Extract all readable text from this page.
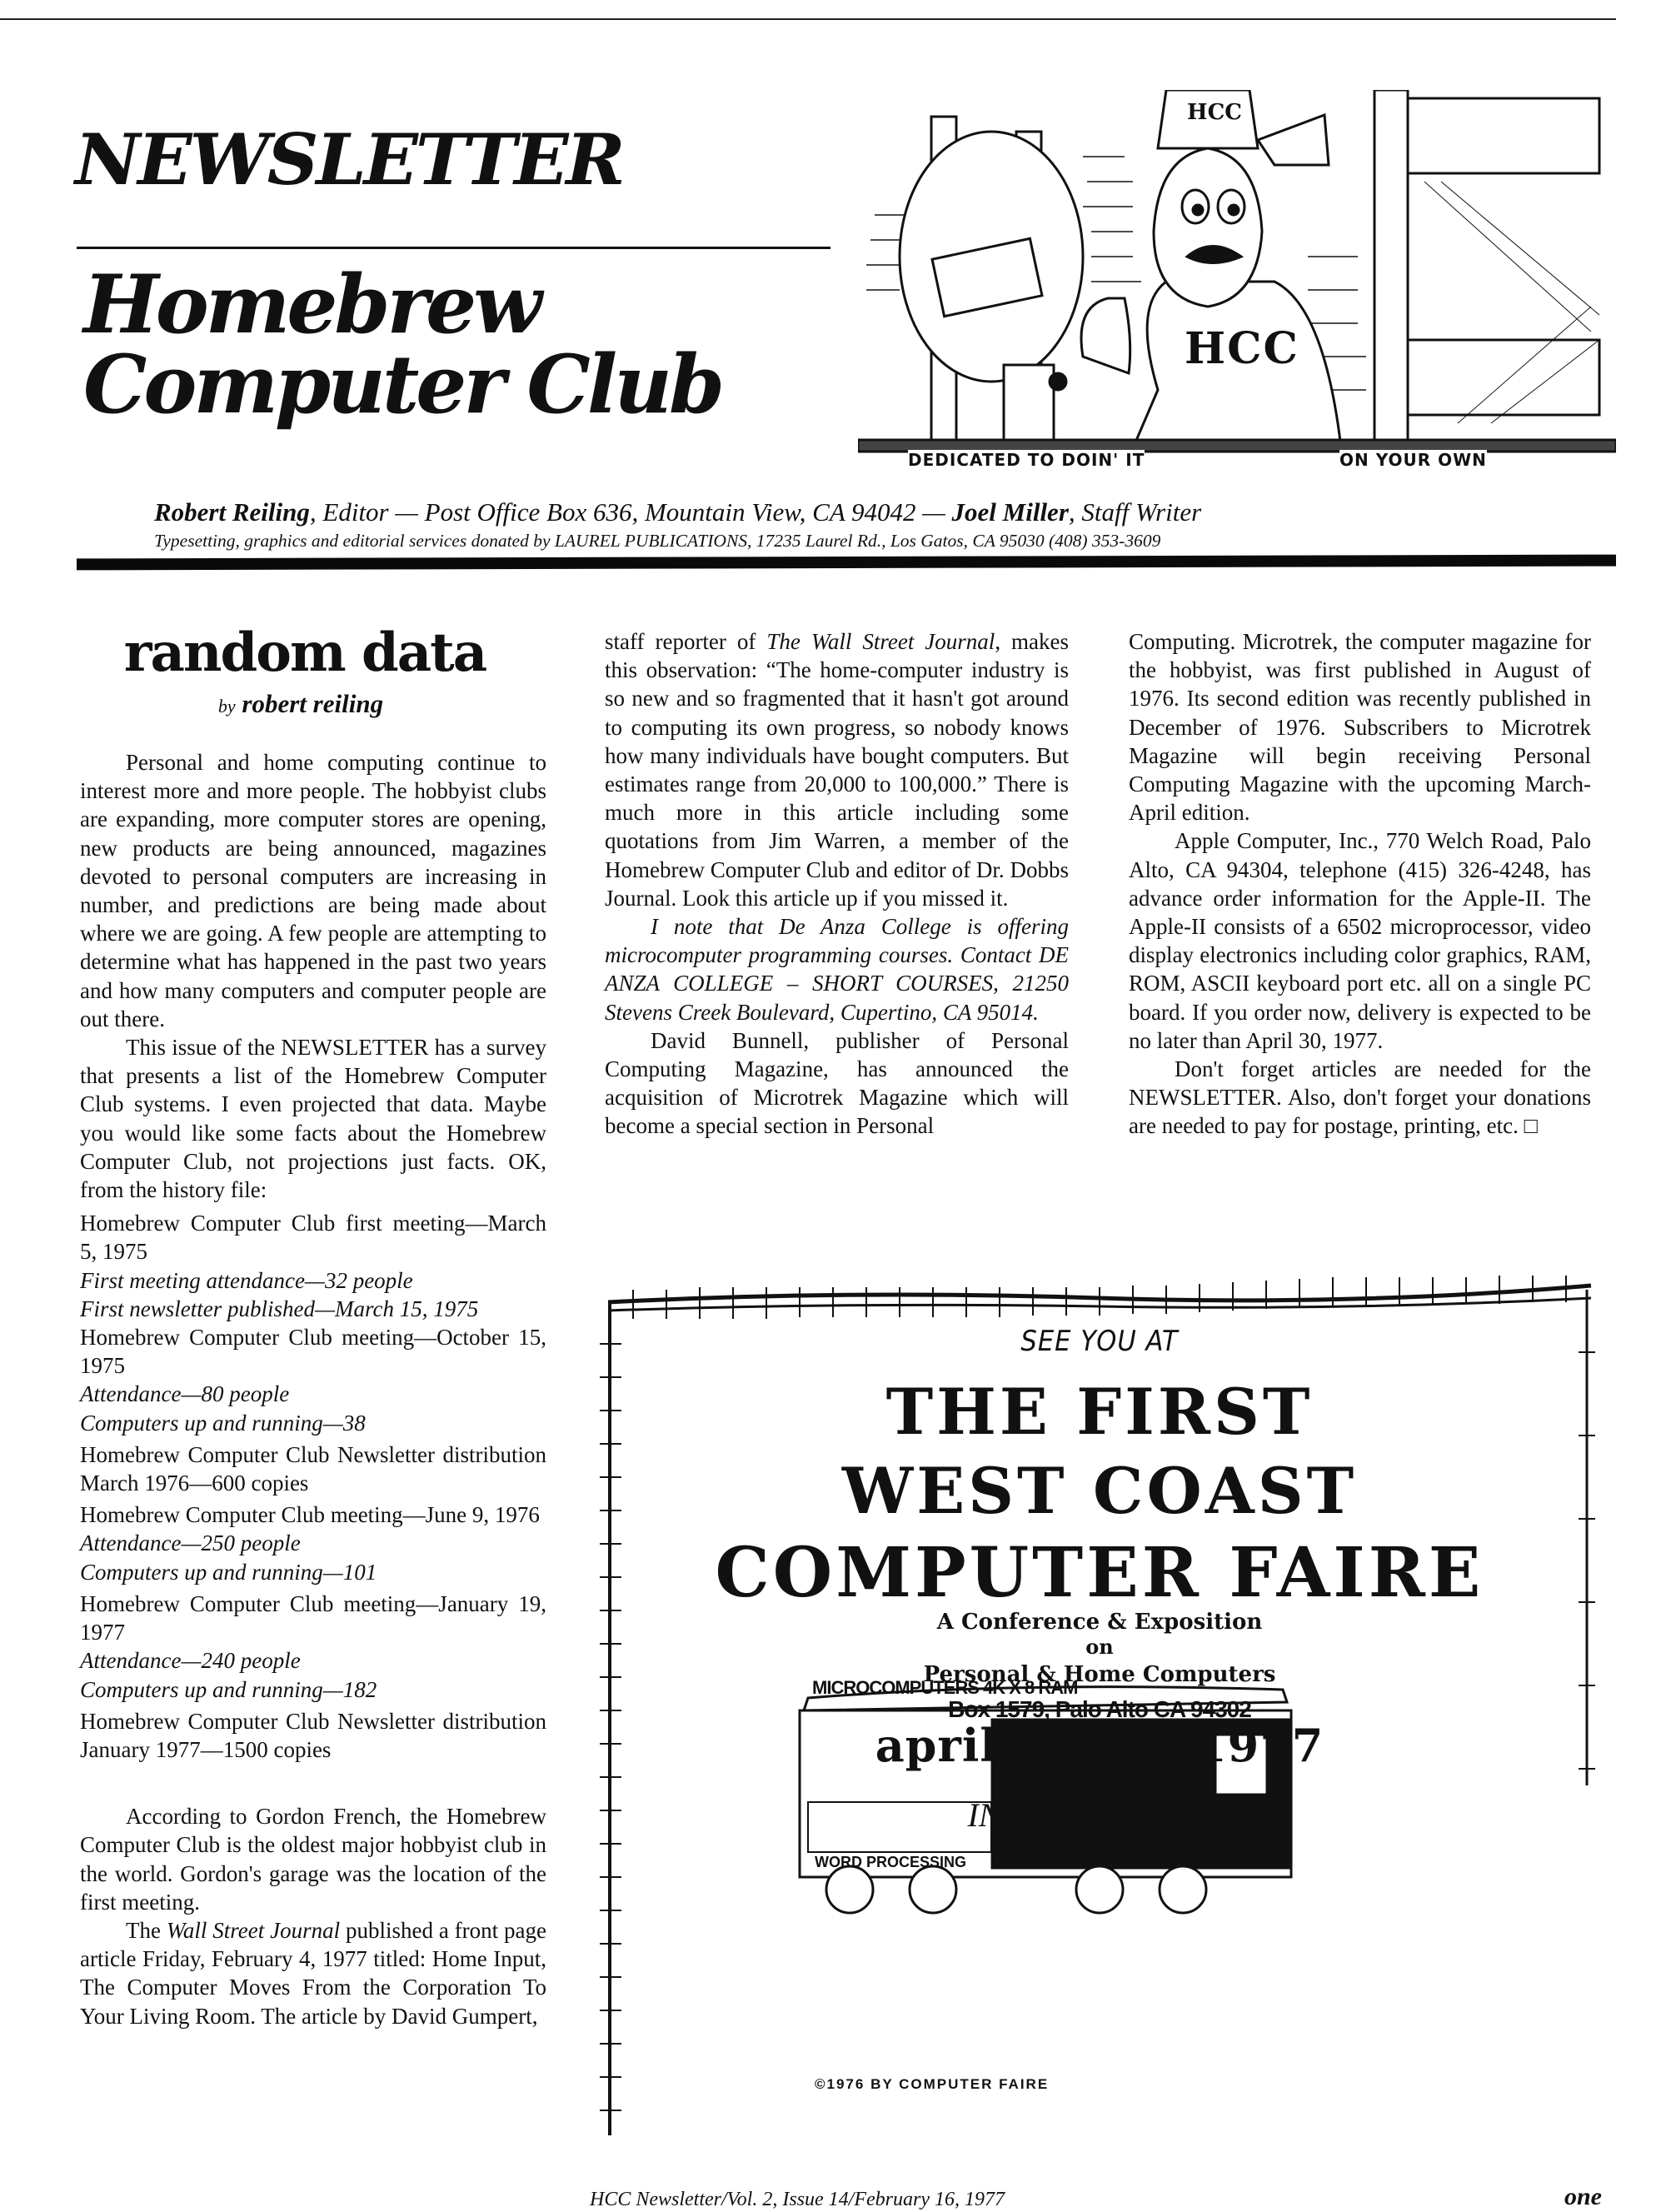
NEWSLETTER
Homebrew
Computer Club
DEDICATED TO DOIN' IT	ON YOUR OWN
HCC
HCC
Robert Reiling, Editor — Post Office Box 636, Mountain View, CA 94042 — Joel Miller, Staff Writer
Typesetting, graphics and editorial services donated by LAUREL PUBLICATIONS, 17235 Laurel Rd., Los Gatos, CA 95030 (408) 353-3609
random data
by robert reiling

Personal and home computing continue to interest more and more people. The hobbyist clubs are expanding, more computer stores are opening, new products are being announced, magazines devoted to personal computers are increasing in number, and predictions are being made about where we are going. A few people are attempting to determine what has happened in the past two years and how many computers and computer people are out there.

This issue of the NEWSLETTER has a survey that presents a list of the Homebrew Computer Club systems. I even projected that data. Maybe you would like some facts about the Homebrew Computer Club, not projections just facts. OK, from the history file:

Homebrew Computer Club first meeting—March 5, 1975
First meeting attendance—32 people
First newsletter published—March 15, 1975
Homebrew Computer Club meeting—October 15, 1975
Attendance—80 people
Computers up and running—38
Homebrew Computer Club Newsletter distribution March 1976—600 copies
Homebrew Computer Club meeting—June 9, 1976
Attendance—250 people
Computers up and running—101
Homebrew Computer Club meeting—January 19, 1977
Attendance—240 people
Computers up and running—182
Homebrew Computer Club Newsletter distribution January 1977—1500 copies

According to Gordon French, the Homebrew Computer Club is the oldest major hobbyist club in the world. Gordon's garage was the location of the first meeting.

The Wall Street Journal published a front page article Friday, February 4, 1977 titled: Home Input, The Computer Moves From the Corporation To Your Living Room. The article by David Gumpert,

staff reporter of The Wall Street Journal, makes this observation: “The home-computer industry is so new and so fragmented that it hasn't got around to computing its own progress, so nobody knows how many individuals have bought computers. But estimates range from 20,000 to 100,000.” There is much more in this article including some quotations from Jim Warren, a member of the Homebrew Computer Club and editor of Dr. Dobbs Journal. Look this article up if you missed it.

I note that De Anza College is offering microcomputer programming courses. Contact DE ANZA COLLEGE – SHORT COURSES, 21250 Stevens Creek Boulevard, Cupertino, CA 95014.

David Bunnell, publisher of Personal Computing Magazine, has announced the acquisition of Microtrek Magazine which will become a special section in Personal

Computing. Microtrek, the computer magazine for the hobbyist, was first published in August of 1976. Its second edition was recently published in December of 1976. Subscribers to Microtrek Magazine will begin receiving Personal Computing Magazine with the upcoming March-April edition.

Apple Computer, Inc., 770 Welch Road, Palo Alto, CA 94304, telephone (415) 326-4248, has advance order information for the Apple-II. The Apple-II consists of a 6502 microprocessor, video display electronics including color graphics, RAM, ROM, ASCII keyboard port etc. all on a single PC board. If you order now, delivery is expected to be no later than April 30, 1977.

Don't forget articles are needed for the NEWSLETTER. Also, don't forget your donations are needed to pay for postage, printing, etc. □

MICROCOMPUTERS 4K X 8 RAM
WORD PROCESSING
SEE YOU AT
THE FIRST
WEST COAST
COMPUTER FAIRE
A Conference & Exposition
on
Personal & Home Computers
Box 1579, Palo Alto CA 94302
april 15-17, 1977
IN san francisco
©1976 BY COMPUTER FAIRE
HCC Newsletter/Vol. 2, Issue 14/February 16, 1977	one
